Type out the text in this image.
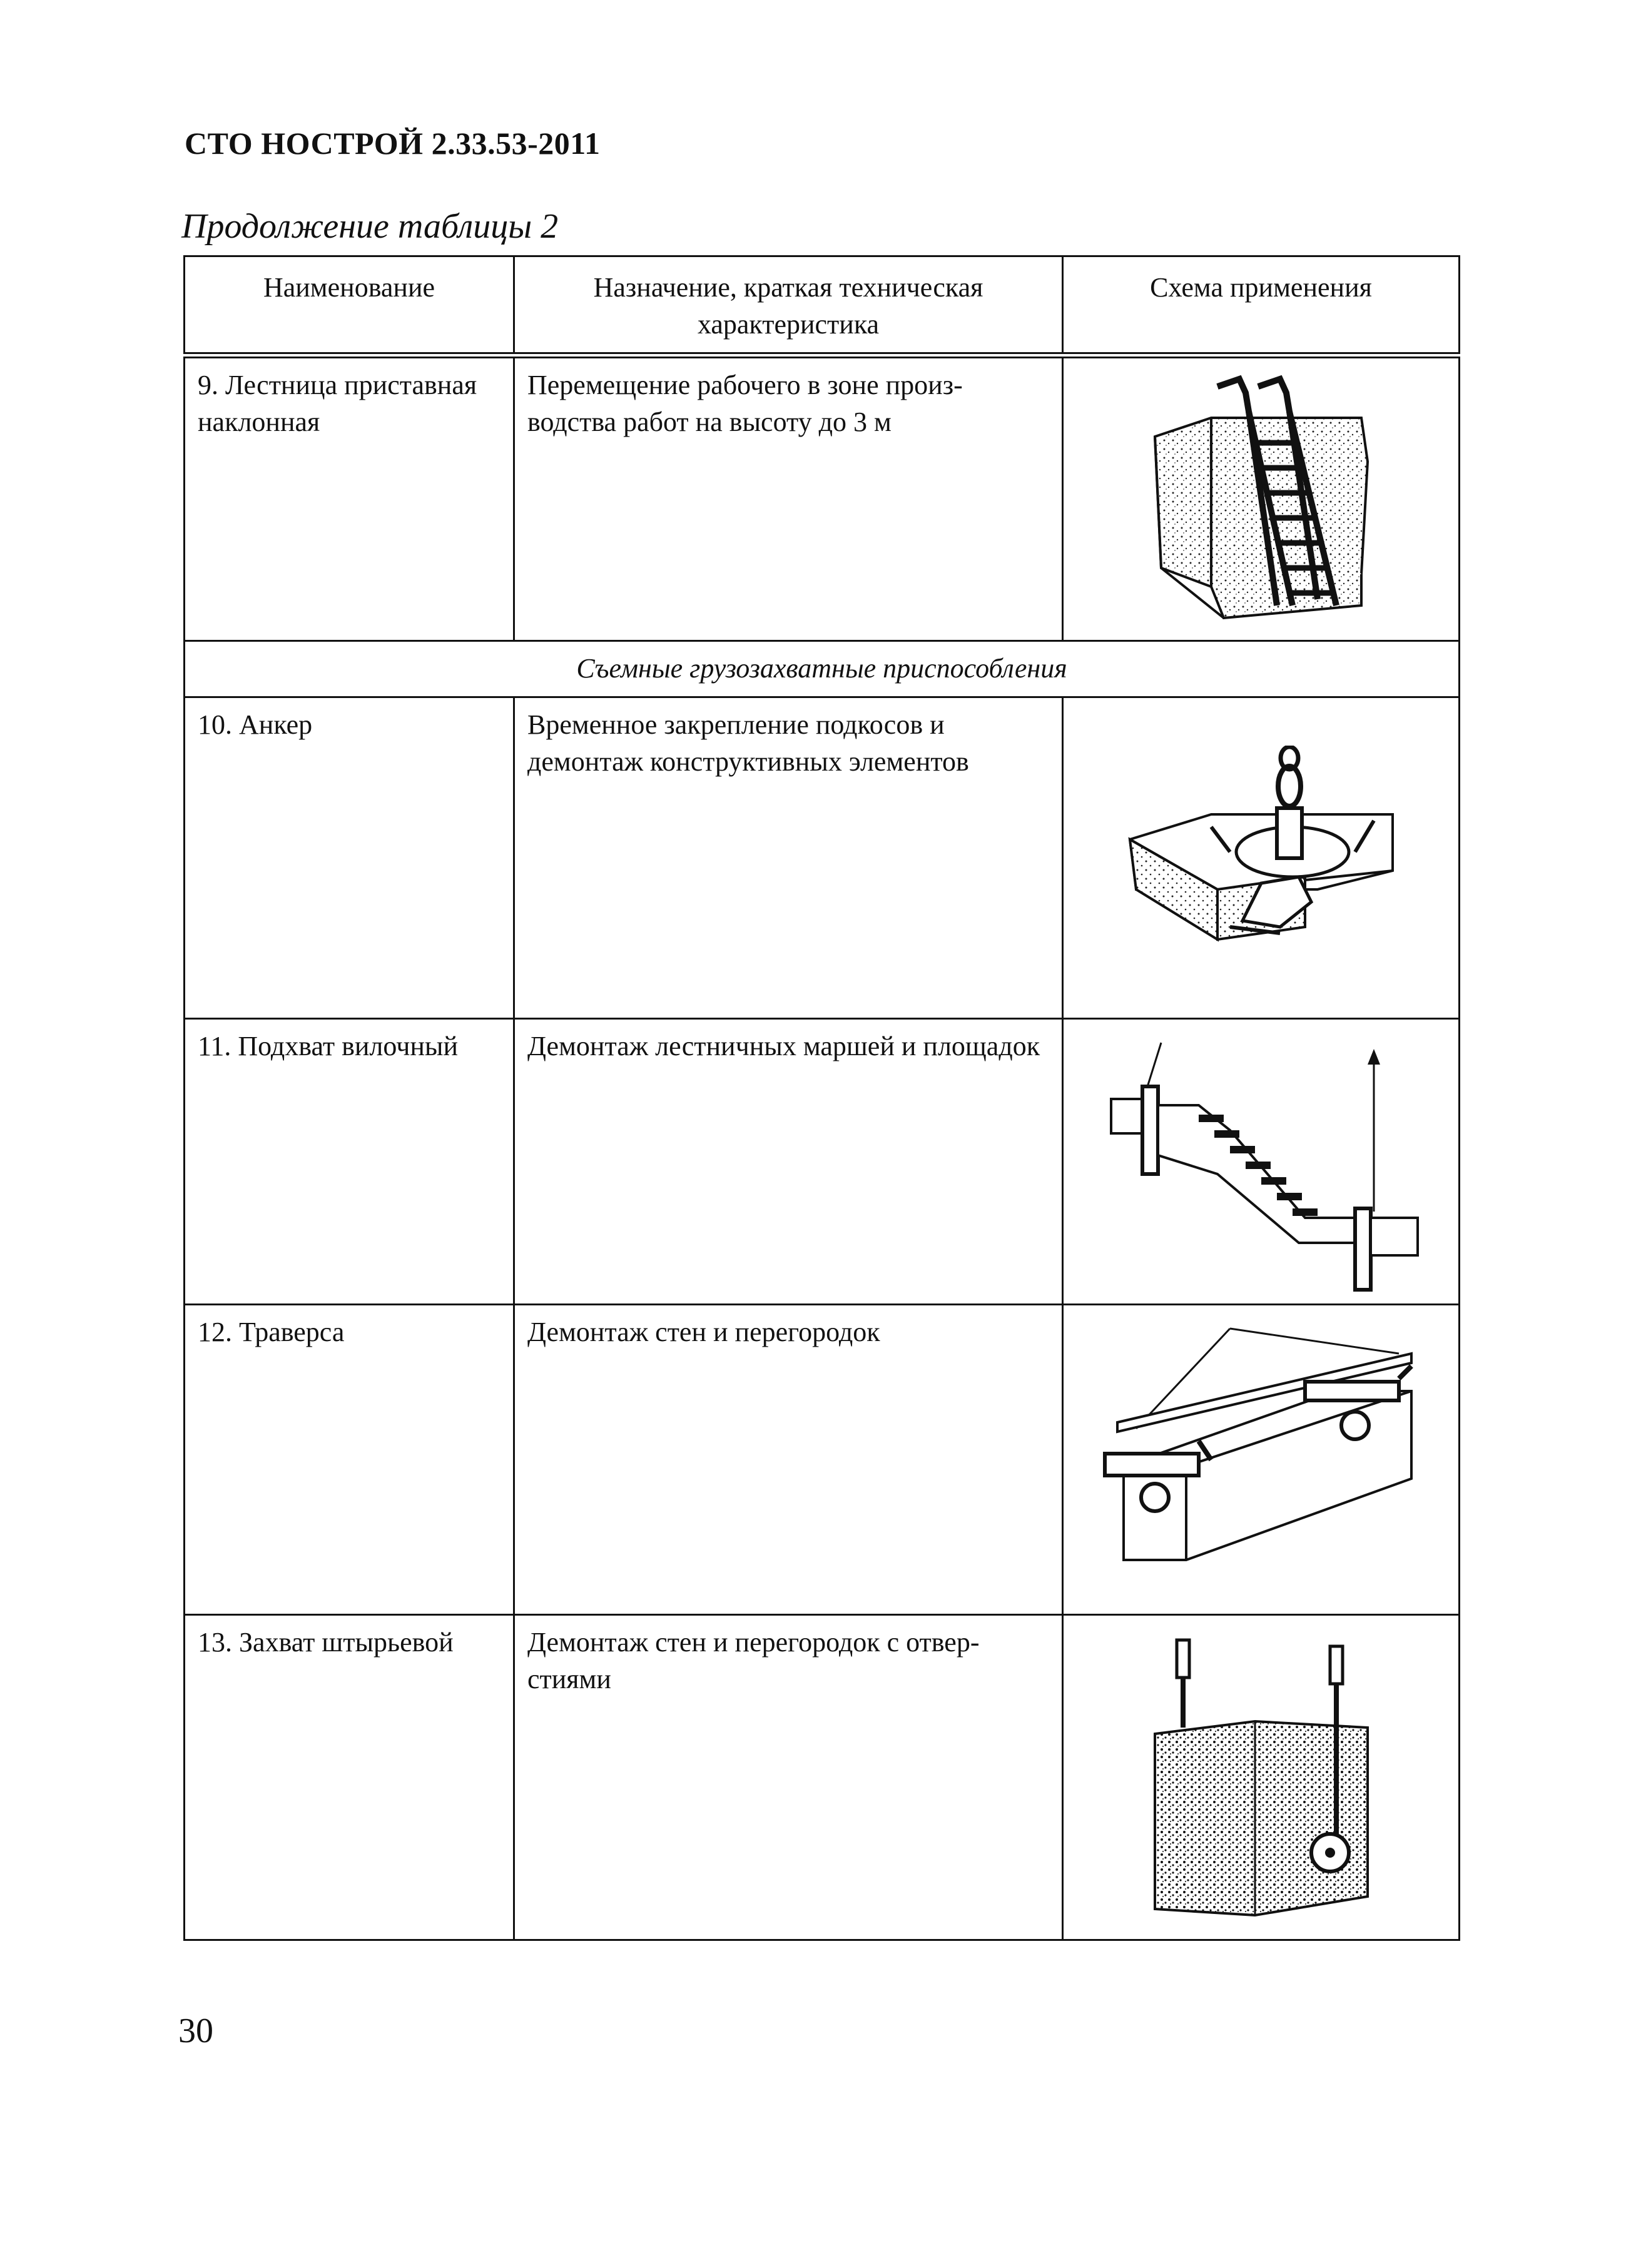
СТО НОСТРОЙ 2.33.53-2011
Продолжение таблицы 2
Наименование	Назначение, краткая техническая характеристика	Схема применения
9. Лестница приставная наклонная	Перемещение рабочего в зоне произ- водства работ на высоту до 3 м	

Съемные грузозахватные приспособления		
10. Анкер	Временное закрепление подкосов и демонтаж конструктивных элементов	

11. Подхват вилочный	Демонтаж лестничных маршей и площадок	

12. Траверса	Демонтаж стен и перегородок	

13. Захват штырьевой	Демонтаж стен и перегородок с отвер- стиями	
30
